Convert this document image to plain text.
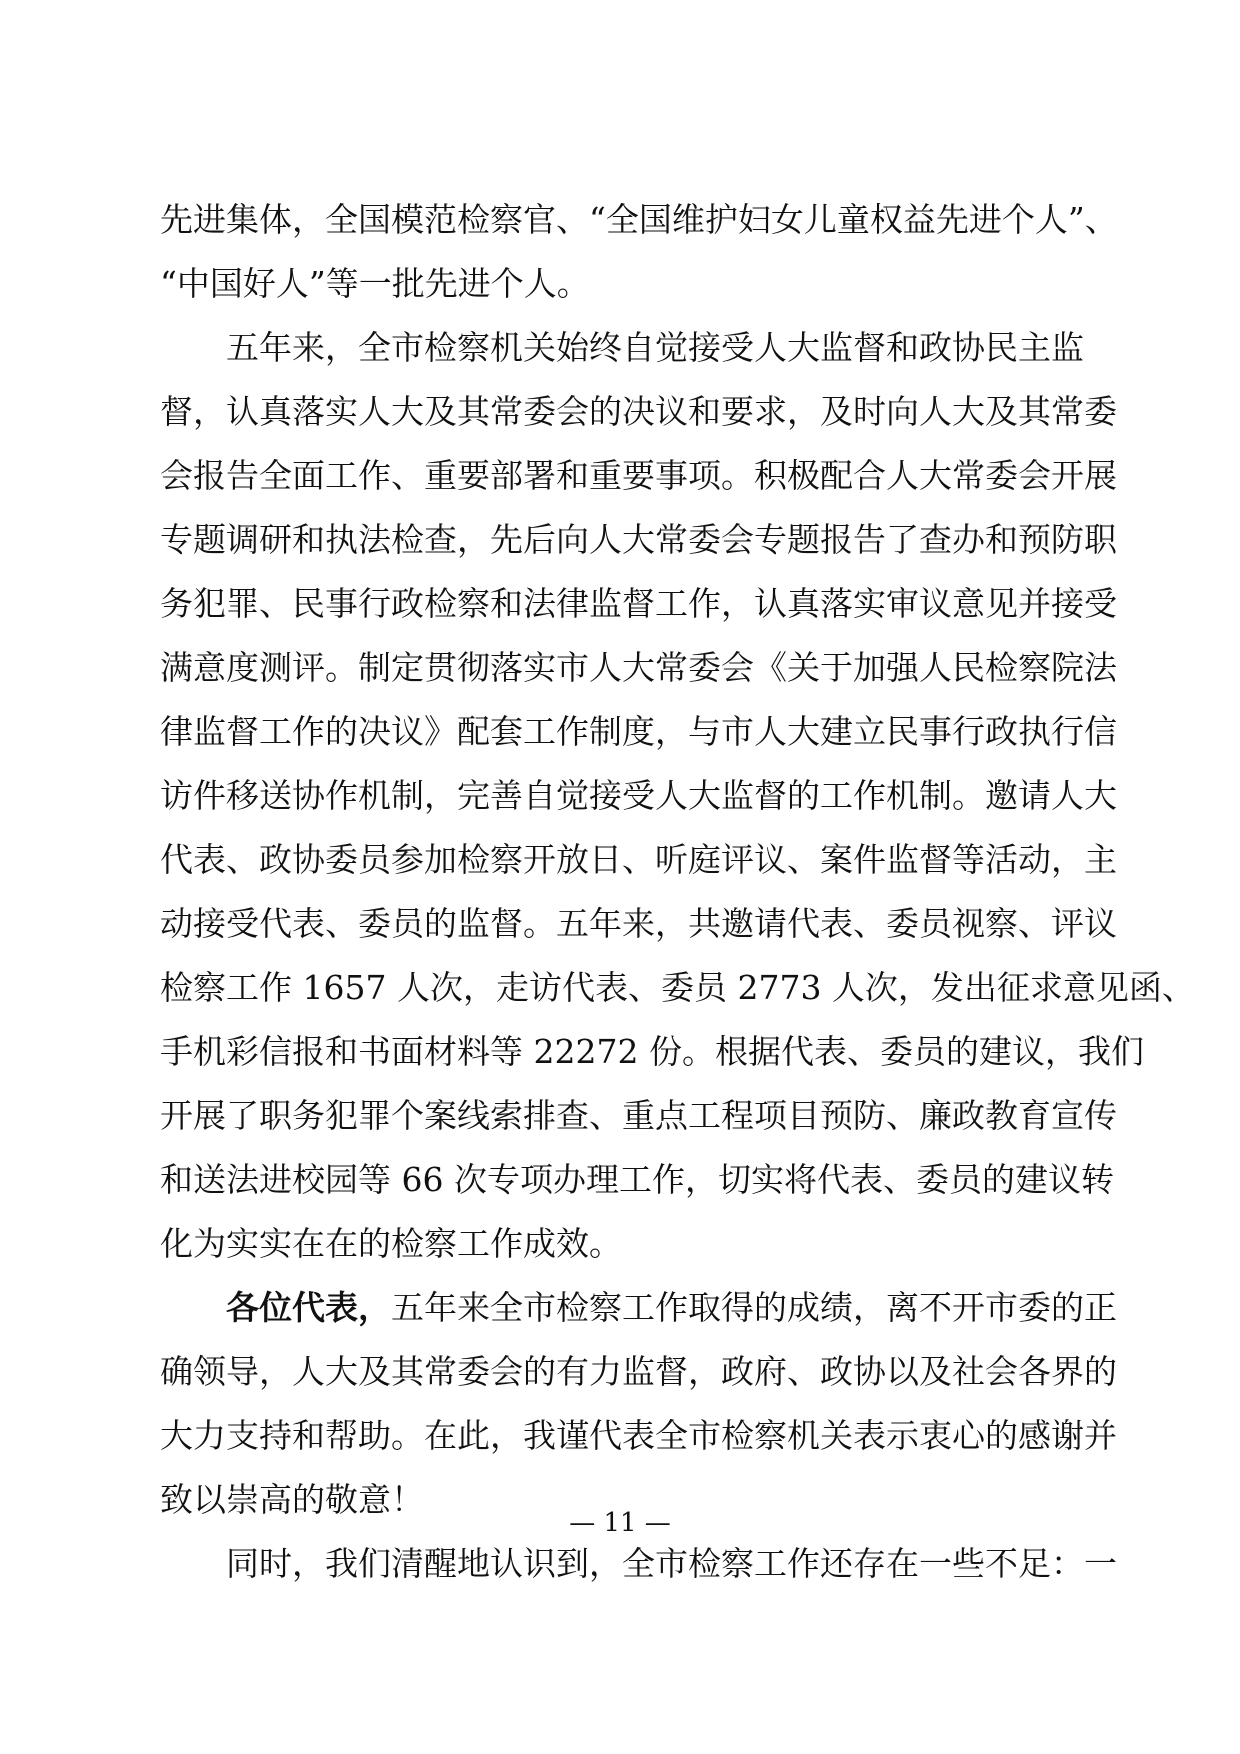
先进集体，全国模范检察官、“全国维护妇女儿童权益先进个人”、
“中国好人”等一批先进个人。
五年来，全市检察机关始终自觉接受人大监督和政协民主监
督，认真落实人大及其常委会的决议和要求，及时向人大及其常委
会报告全面工作、重要部署和重要事项。积极配合人大常委会开展
专题调研和执法检查，先后向人大常委会专题报告了查办和预防职
务犯罪、民事行政检察和法律监督工作，认真落实审议意见并接受
满意度测评。制定贯彻落实市人大常委会《关于加强人民检察院法
律监督工作的决议》配套工作制度，与市人大建立民事行政执行信
访件移送协作机制，完善自觉接受人大监督的工作机制。邀请人大
代表、政协委员参加检察开放日、听庭评议、案件监督等活动，主
动接受代表、委员的监督。五年来，共邀请代表、委员视察、评议
检察工作 1657 人次，走访代表、委员 2773 人次，发出征求意见函、
手机彩信报和书面材料等 22272 份。根据代表、委员的建议，我们
开展了职务犯罪个案线索排查、重点工程项目预防、廉政教育宣传
和送法进校园等 66 次专项办理工作，切实将代表、委员的建议转
化为实实在在的检察工作成效。
各位代表，五年来全市检察工作取得的成绩，离不开市委的正
确领导，人大及其常委会的有力监督，政府、政协以及社会各界的
大力支持和帮助。在此，我谨代表全市检察机关表示衷心的感谢并
致以崇高的敬意！
同时，我们清醒地认识到，全市检察工作还存在一些不足：一
— 11 —
